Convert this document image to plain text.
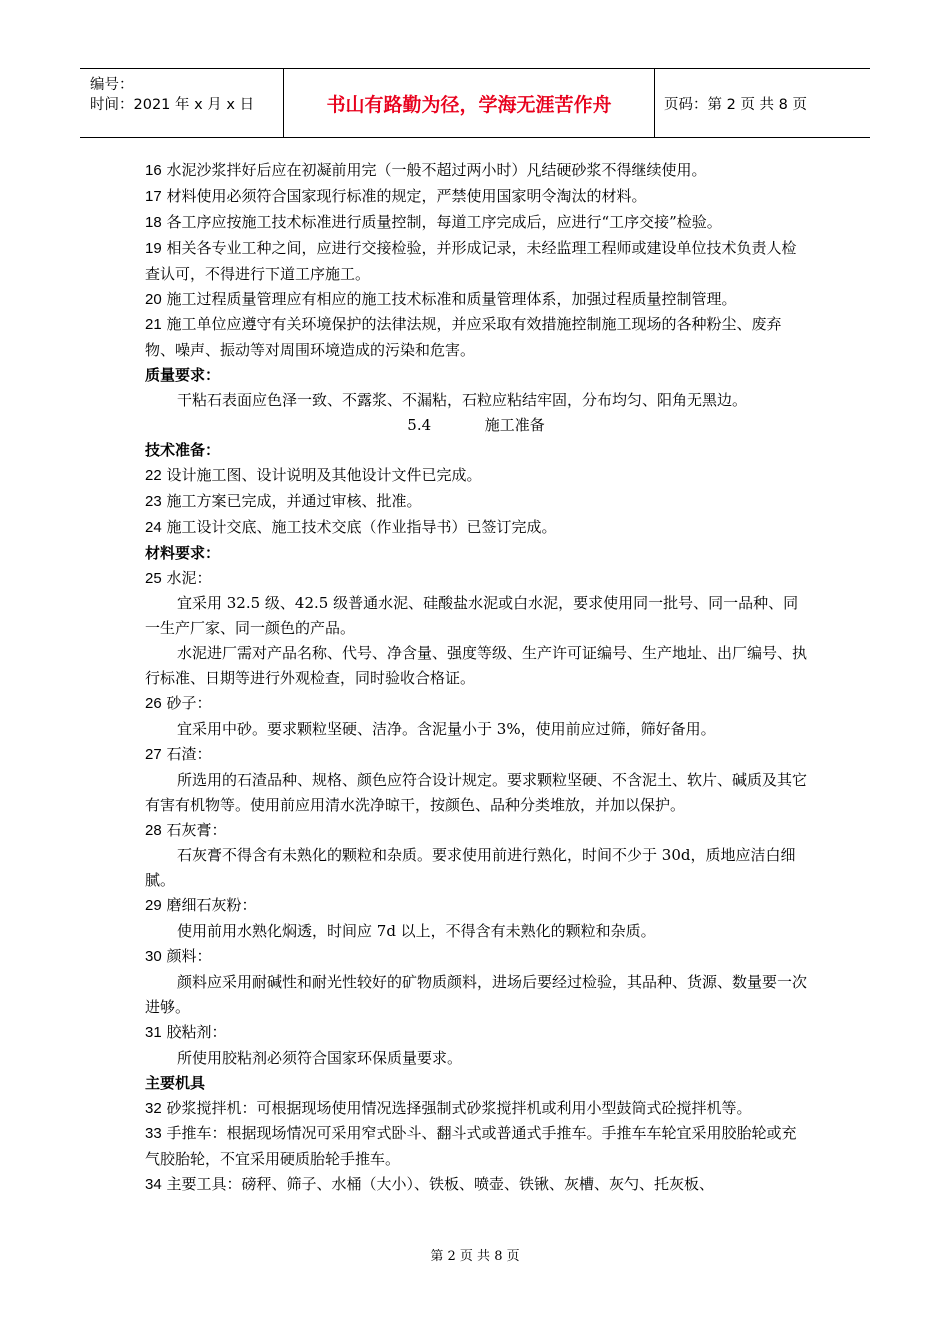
编号：
时间：2021 年 x 月 x 日	书山有路勤为径，学海无涯苦作舟	页码：第 2 页 共 8 页

16 水泥沙浆拌好后应在初凝前用完（一般不超过两小时）凡结硬砂浆不得继续使用。

17 材料使用必须符合国家现行标准的规定，严禁使用国家明令淘汰的材料。

18 各工序应按施工技术标准进行质量控制，每道工序完成后，应进行“工序交接”检验。

19 相关各专业工种之间，应进行交接检验，并形成记录，未经监理工程师或建设单位技术负责人检查认可，不得进行下道工序施工。

20 施工过程质量管理应有相应的施工技术标准和质量管理体系，加强过程质量控制管理。

21 施工单位应遵守有关环境保护的法律法规，并应采取有效措施控制施工现场的各种粉尘、废弃物、噪声、振动等对周围环境造成的污染和危害。

质量要求：

干粘石表面应色泽一致、不露浆、不漏粘，石粒应粘结牢固，分布均匀、阳角无黑边。

5.4	施工准备

技术准备：

22 设计施工图、设计说明及其他设计文件已完成。

23 施工方案已完成，并通过审核、批准。

24 施工设计交底、施工技术交底（作业指导书）已签订完成。

材料要求：

25 水泥：

宜采用 32.5 级、42.5 级普通水泥、硅酸盐水泥或白水泥，要求使用同一批号、同一品种、同一生产厂家、同一颜色的产品。

水泥进厂需对产品名称、代号、净含量、强度等级、生产许可证编号、生产地址、出厂编号、执行标准、日期等进行外观检查，同时验收合格证。

26 砂子：

宜采用中砂。要求颗粒坚硬、洁净。含泥量小于 3%，使用前应过筛，筛好备用。

27 石渣：

所选用的石渣品种、规格、颜色应符合设计规定。要求颗粒坚硬、不含泥土、软片、碱质及其它有害有机物等。使用前应用清水洗净晾干，按颜色、品种分类堆放，并加以保护。

28 石灰膏：

石灰膏不得含有未熟化的颗粒和杂质。要求使用前进行熟化，时间不少于 30d，质地应洁白细腻。

29 磨细石灰粉：

使用前用水熟化焖透，时间应 7d 以上，不得含有未熟化的颗粒和杂质。

30 颜料：

颜料应采用耐碱性和耐光性较好的矿物质颜料，进场后要经过检验，其品种、货源、数量要一次进够。

31 胶粘剂：

所使用胶粘剂必须符合国家环保质量要求。

主要机具

32 砂浆搅拌机：可根据现场使用情况选择强制式砂浆搅拌机或利用小型鼓筒式砼搅拌机等。

33 手推车：根据现场情况可采用窄式卧斗、翻斗式或普通式手推车。手推车车轮宜采用胶胎轮或充气胶胎轮，不宜采用硬质胎轮手推车。

34 主要工具：磅秤、筛子、水桶（大小）、铁板、喷壶、铁锹、灰槽、灰勺、托灰板、

第 2 页 共 8 页
